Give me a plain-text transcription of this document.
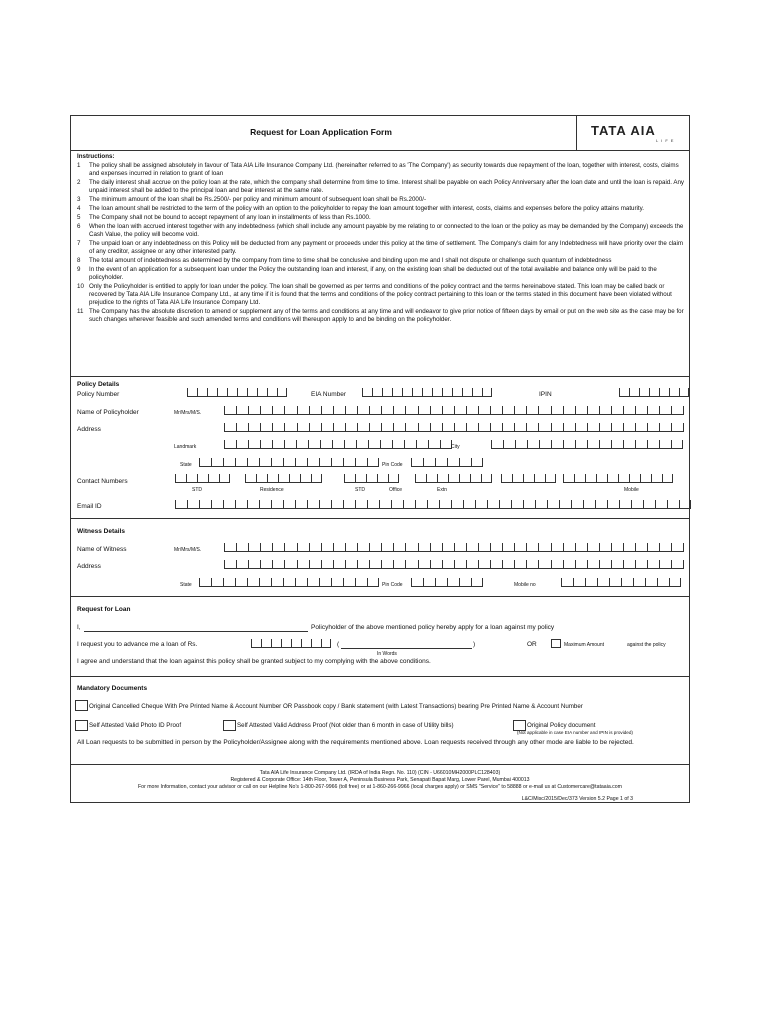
Request for Loan Application Form	TATA AIA
LIFE
Instructions:
1	The policy shall be assigned absolutely in favour of Tata AIA Life Insurance Company Ltd. (hereinafter referred to as 'The Company') as security towards due repayment of the loan, together with interest, costs, claims and expenses incurred in relation to grant of loan
2	The daily interest shall accrue on the policy loan at the rate, which the company shall determine from time to time. Interest shall be payable on each Policy Anniversary after the loan date and until the loan is repaid. Any unpaid interest shall be added to the principal loan and bear interest at the same rate.
3	The minimum amount of the loan shall be Rs.2500/- per policy and minimum amount of subsequent loan shall be Rs.2000/-
4	The loan amount shall be restricted to the term of the policy with an option to the policyholder to repay the loan amount together with interest, costs, claims and expenses before the policy attains maturity.
5	The Company shall not be bound to accept repayment of any loan in installments of less than Rs.1000.
6	When the loan with accrued interest together with any indebtedness (which shall include any amount payable by me relating to or connected to the loan or the policy as may be demanded by the Company) exceeds the Cash Value, the policy will become void.
7	The unpaid loan or any indebtedness on this Policy will be deducted from any payment or proceeds under this policy at the time of settlement. The Company's claim for any Indebtedness will have priority over the claim of any creditor, assignee or any other interested party.
8	The total amount of indebtedness as determined by the company from time to time shall be conclusive and binding upon me and I shall not dispute or challenge such quantum of indebtedness
9	In the event of an application for a subsequent loan under the Policy the outstanding loan and interest, if any, on the existing loan shall be deducted out of the total available and balance only will be paid to the policyholder.
10 Only the Policyholder is entitled to apply for loan under the policy. The loan shall be governed as per terms and conditions of the policy contract and the terms hereinabove stated. This loan may be called back or recovered by Tata AIA Life Insurance Company Ltd., at any time if it is found that the terms and conditions of the policy contract pertaining to this loan or the terms stated in this document have been violated without prejudice to the rights of Tata AIA Life Insurance Company Ltd.
11 The Company has the absolute discretion to amend or supplement any of the terms and conditions at any time and will endeavor to give prior notice of fifteen days by email or put on the web site as the case may be for such changes wherever feasible and such amended terms and conditions will thereupon apply to and be binding on the policyholder.
Policy Details
Policy Number	EIA Number	IPIN
Name of Policyholder	Mr/Mrs/M/S.
Address
Landmark	City
State	Pin Code
Contact Numbers
STD	Residence	STD	Office	Extn	Mobile
Email ID
Witness Details
Name of Witness	Mr/Mrs/M/S.
Address
State	Pin Code	Mobile no
Request for Loan
I,	Policyholder of the above mentioned policy hereby apply for a loan against my policy
I request you to advance me a loan of Rs.	(	)
In Words
OR	Maximum Amount	against the policy
I agree and understand that the loan against this policy shall be granted subject to my complying with the above conditions.
Mandatory Documents
Original Cancelled Cheque With Pre Printed Name & Account Number OR Passbook copy / Bank statement (with Latest Transactions) bearing Pre Printed Name & Account Number
Self Attested Valid Photo ID Proof	Self Attested Valid Address Proof (Not older than 6 month in case of Utility bills)	Original Policy document
(Not applicable in case EIA number and IPIN is provided)
All Loan requests to be submitted in person by the Policyholder/Assignee along with the requirements mentioned above. Loan requests received through any other mode are liable to be rejected.
Tata AIA Life Insurance Company Ltd. (IRDA of India Regn. No. 110) (CIN - U66010MH2000PLC128403)
Registered & Corporate Office: 14th Floor, Tower A, Peninsula Business Park, Senapati Bapat Marg, Lower Parel, Mumbai 400013
For more Information, contact your advisor or call on our Helpline No's 1-800-267-9966 (toll free) or at 1-860-266-9966 (local charges apply) or SMS "Service" to 58888 or e-mail us at Customercare@tataaia.com
L&C/Misc/2015/Dec/373 Version 5.2 Page 1 of 3
